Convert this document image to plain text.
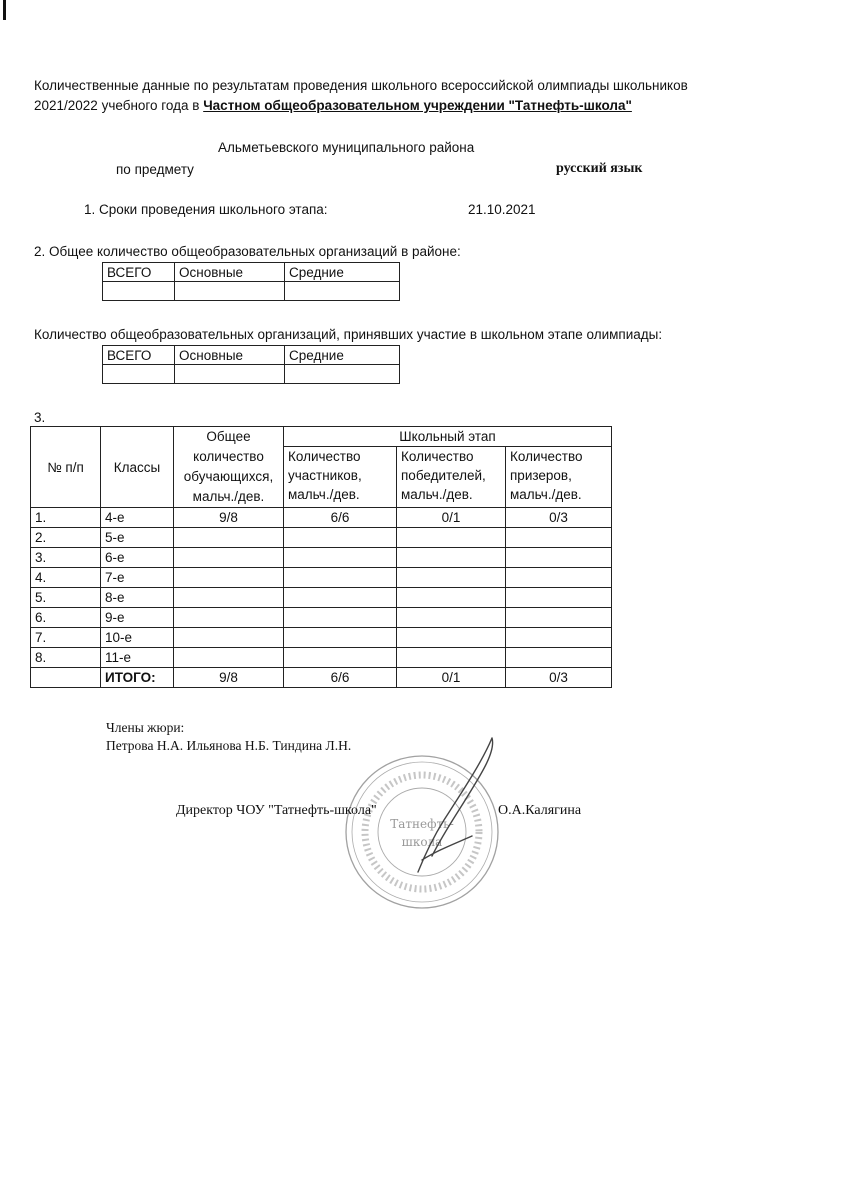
Количественные данные по результатам проведения школьного всероссийской олимпиады школьников
2021/2022 учебного года в Частном общеобразовательном учреждении "Татнефть-школа"
Альметьевского муниципального района
по предмету	русский язык
1. Сроки проведения школьного этапа:	21.10.2021
2. Общее количество общеобразовательных организаций в районе:
ВСЕГО	Основные	Средние

Количество общеобразовательных организаций, принявших участие в школьном этапе олимпиады:
ВСЕГО	Основные	Средние

3.
№ п/п	Классы	Общее количество обучающихся, мальч./дев.	Школьный этап		
			Количество участников, мальч./дев.	Количество победителей, мальч./дев.	Количество призеров, мальч./дев.
1.	4-е	9/8	6/6	0/1	0/3
2.	5-е				
3.	6-е				
4.	7-е				
5.	8-е				
6.	9-е				
7.	10-е				
8.	11-е				
	ИТОГО:	9/8	6/6	0/1	0/3
Члены жюри:
Петрова Н.А. Ильянова Н.Б. Тиндина Л.Н.
Татнефть-
школа
Директор ЧОУ "Татнефть-школа"	О.А.Калягина
